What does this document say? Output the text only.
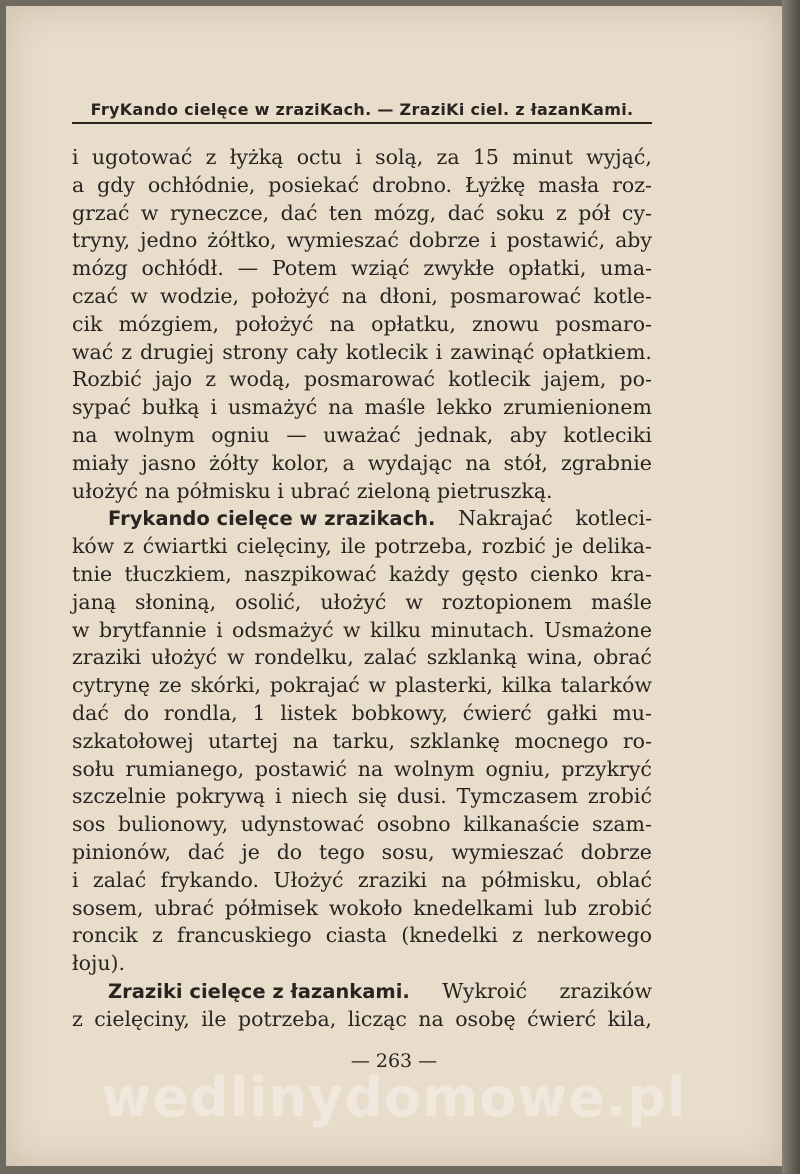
FryKando cielęce w zraziKach. — ZraziKi ciel. z łazanKami.
i ugotować z łyżką octu i solą, za 15 minut wyjąć,
a gdy ochłódnie, posiekać drobno. Łyżkę masła roz-
grzać w ryneczce, dać ten mózg, dać soku z pół cy-
tryny, jedno żółtko, wymieszać dobrze i postawić, aby
mózg ochłódł. — Potem wziąć zwykłe opłatki, uma-
czać w wodzie, położyć na dłoni, posmarować kotle-
cik mózgiem, położyć na opłatku, znowu posmaro-
wać z drugiej strony cały kotlecik i zawinąć opłatkiem.
Rozbić jajo z wodą, posmarować kotlecik jajem, po-
sypać bułką i usmażyć na maśle lekko zrumienionem
na wolnym ogniu — uważać jednak, aby kotleciki
miały jasno żółty kolor, a wydając na stół, zgrabnie
ułożyć na półmisku i ubrać zieloną pietruszką.
Frykando cielęce w zrazikach. Nakrajać kotleci-
ków z ćwiartki cielęciny, ile potrzeba, rozbić je delika-
tnie tłuczkiem, naszpikować każdy gęsto cienko kra-
janą słoniną, osolić, ułożyć w roztopionem maśle
w brytfannie i odsmażyć w kilku minutach. Usmażone
zraziki ułożyć w rondelku, zalać szklanką wina, obrać
cytrynę ze skórki, pokrajać w plasterki, kilka talarków
dać do rondla, 1 listek bobkowy, ćwierć gałki mu-
szkatołowej utartej na tarku, szklankę mocnego ro-
sołu rumianego, postawić na wolnym ogniu, przykryć
szczelnie pokrywą i niech się dusi. Tymczasem zrobić
sos bulionowy, udynstować osobno kilkanaście szam-
pinionów, dać je do tego sosu, wymieszać dobrze
i zalać frykando. Ułożyć zraziki na półmisku, oblać
sosem, ubrać półmisek wokoło knedelkami lub zrobić
roncik z francuskiego ciasta (knedelki z nerkowego
łoju).
Zraziki cielęce z łazankami. Wykroić zrazików
z cielęciny, ile potrzeba, licząc na osobę ćwierć kila,
— 263 —
wedlinydomowe.pl
